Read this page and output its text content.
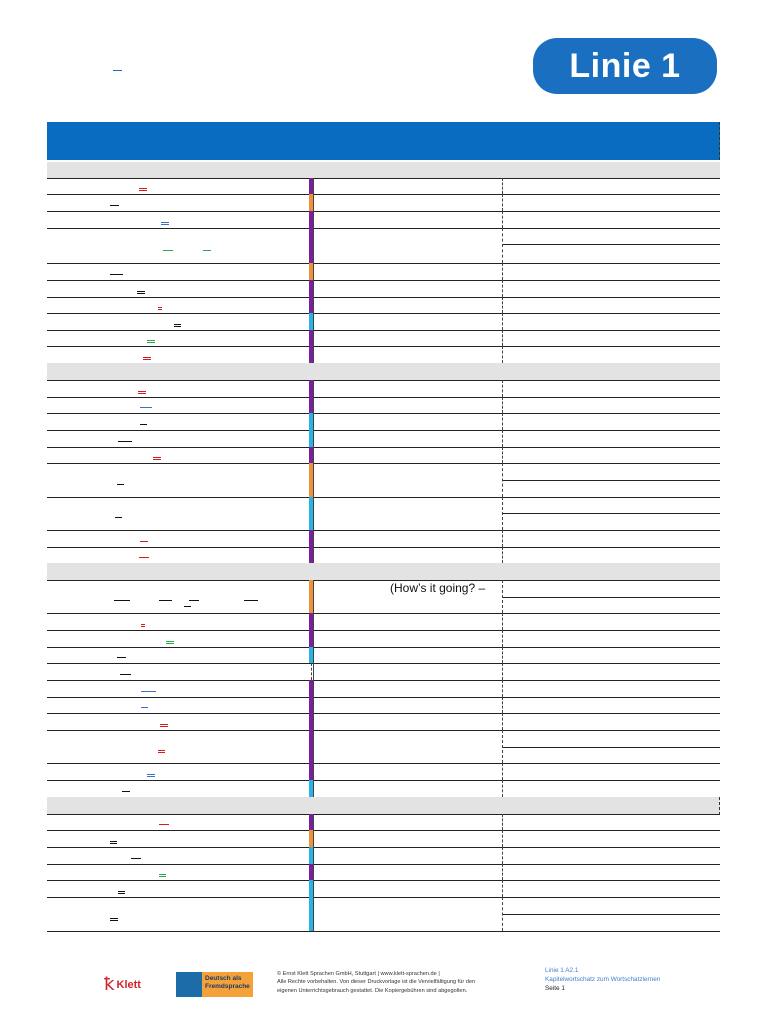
Linie 1
(How’s it going? –
ꝁ Klett
Deutsch als Fremdsprache
© Ernst Klett Sprachen GmbH, Stuttgart | www.klett-sprachen.de |
Alle Rechte vorbehalten. Von dieser Druckvorlage ist die Vervielfältigung für den
eigenen Unterrichtsgebrauch gestattet. Die Kopiergebühren sind abgegolten.
Linie 1 A2.1
Kapitelwortschatz zum Wortschatzlernen
Seite 1
